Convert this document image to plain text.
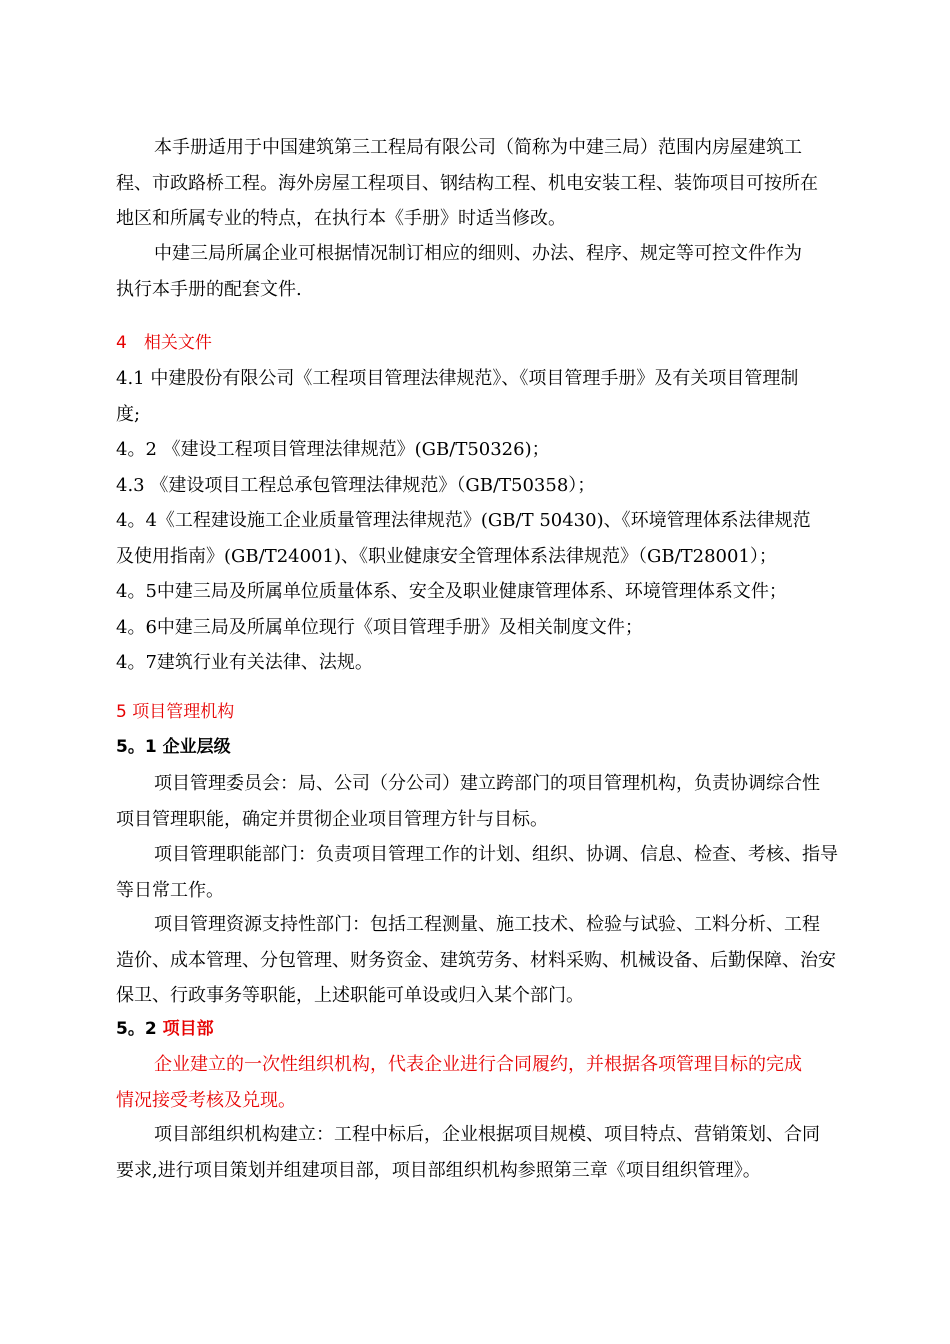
本手册适用于中国建筑第三工程局有限公司（简称为中建三局）范围内房屋建筑工
程、市政路桥工程。海外房屋工程项目、钢结构工程、机电安装工程、装饰项目可按所在
地区和所属专业的特点，在执行本《手册》时适当修改。
中建三局所属企业可根据情况制订相应的细则、办法、程序、规定等可控文件作为
执行本手册的配套文件.
4　相关文件
4.1 中建股份有限公司《工程项目管理法律规范》、《项目管理手册》及有关项目管理制
度;
4。2 《建设工程项目管理法律规范》(GB/T50326)；
4.3 《建设项目工程总承包管理法律规范》（GB/T50358）；
4。4《工程建设施工企业质量管理法律规范》(GB/T 50430)、《环境管理体系法律规范
及使用指南》(GB/T24001)、《职业健康安全管理体系法律规范》（GB/T28001）；
4。5中建三局及所属单位质量体系、安全及职业健康管理体系、环境管理体系文件；
4。6中建三局及所属单位现行《项目管理手册》及相关制度文件；
4。7建筑行业有关法律、法规。
5 项目管理机构
5。1 企业层级
项目管理委员会：局、公司（分公司）建立跨部门的项目管理机构，负责协调综合性
项目管理职能，确定并贯彻企业项目管理方针与目标。
项目管理职能部门：负责项目管理工作的计划、组织、协调、信息、检查、考核、指导
等日常工作。
项目管理资源支持性部门：包括工程测量、施工技术、检验与试验、工料分析、工程
造价、成本管理、分包管理、财务资金、建筑劳务、材料采购、机械设备、后勤保障、治安
保卫、行政事务等职能，上述职能可单设或归入某个部门。
5。2 项目部
企业建立的一次性组织机构，代表企业进行合同履约，并根据各项管理目标的完成
情况接受考核及兑现。
项目部组织机构建立：工程中标后，企业根据项目规模、项目特点、营销策划、合同
要求,进行项目策划并组建项目部，项目部组织机构参照第三章《项目组织管理》。
